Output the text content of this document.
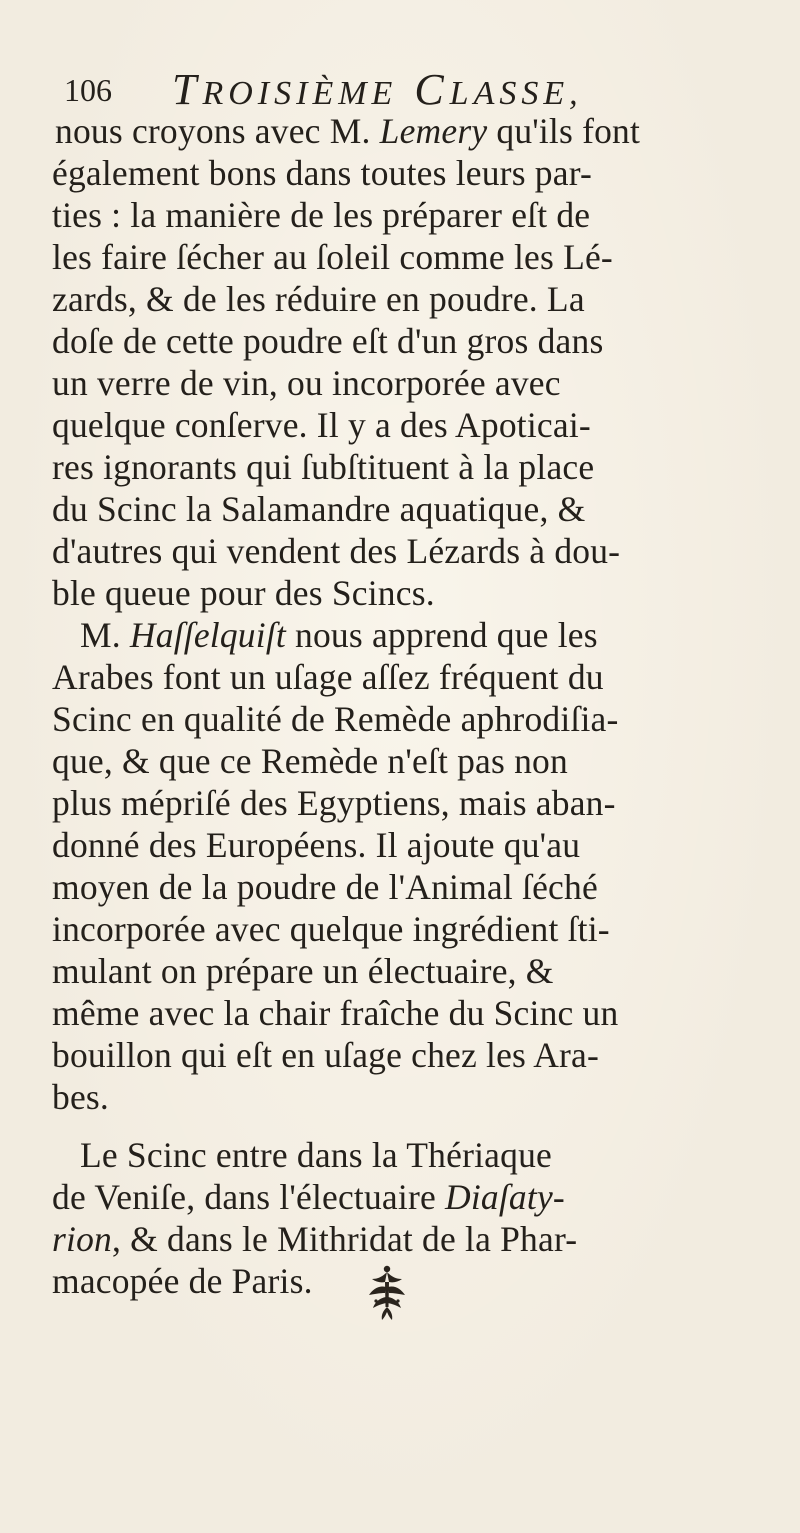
106 TROISIÈME CLASSE,
nous croyons avec M. Lemery qu'ils font
également bons dans toutes leurs par-
ties : la manière de les préparer eſt de
les faire ſécher au ſoleil comme les Lé-
zards, & de les réduire en poudre. La
doſe de cette poudre eſt d'un gros dans
un verre de vin, ou incorporée avec
quelque conſerve. Il y a des Apoticai-
res ignorants qui ſubſtituent à la place
du Scinc la Salamandre aquatique, &
d'autres qui vendent des Lézards à dou-
ble queue pour des Scincs.
M. Haſſelquiſt nous apprend que les
Arabes font un uſage aſſez fréquent du
Scinc en qualité de Remède aphrodiſia-
que, & que ce Remède n'eſt pas non
plus mépriſé des Egyptiens, mais aban-
donné des Européens. Il ajoute qu'au
moyen de la poudre de l'Animal ſéché
incorporée avec quelque ingrédient ſti-
mulant on prépare un électuaire, &
même avec la chair fraîche du Scinc un
bouillon qui eſt en uſage chez les Ara-
bes.
Le Scinc entre dans la Thériaque
de Veniſe, dans l'électuaire Diaſaty-
rion, & dans le Mithridat de la Phar-
macopée de Paris.
